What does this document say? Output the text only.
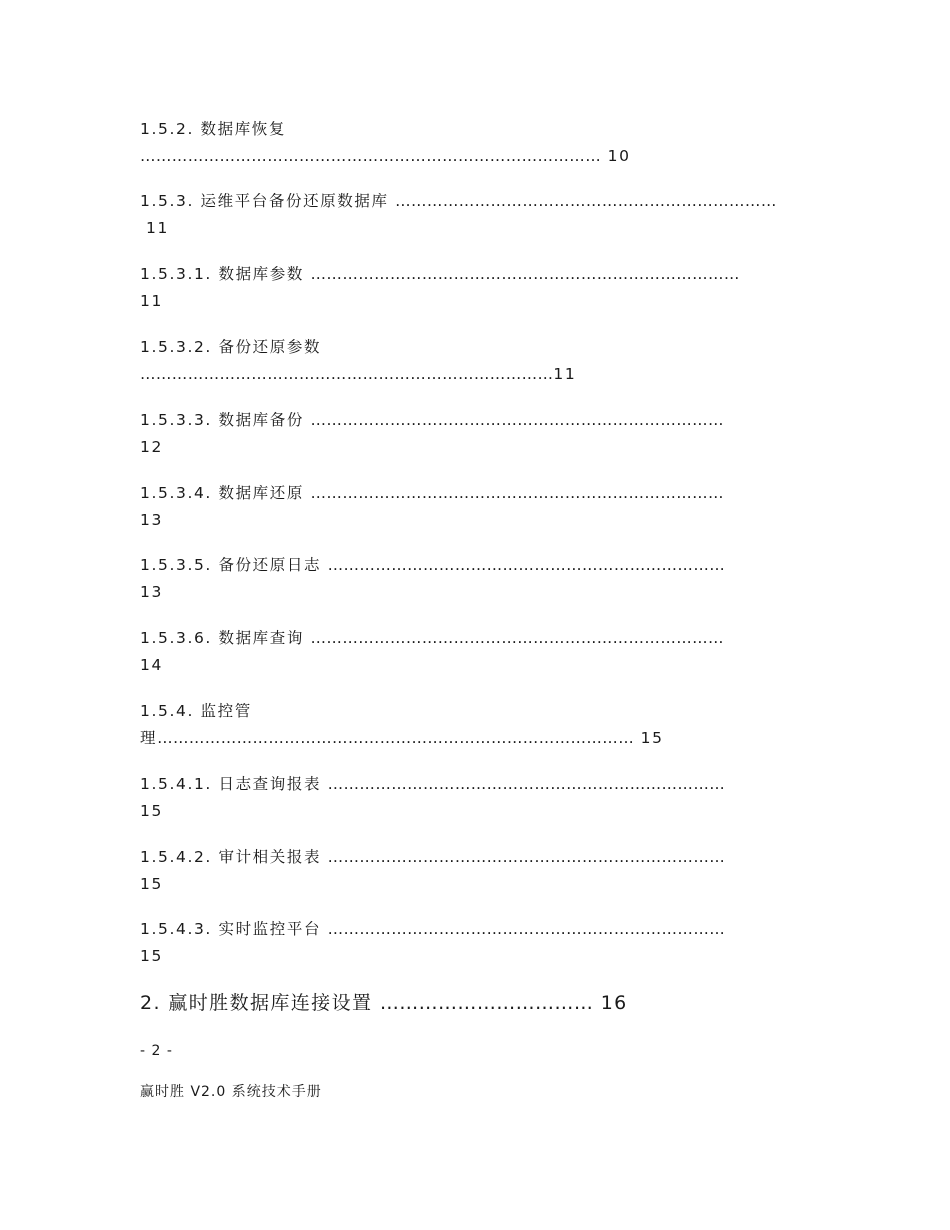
1.5.2. 数据库恢复
…………………………………………………………………………… 10
1.5.3. 运维平台备份还原数据库 ………………………………………………………………
11
1.5.3.1. 数据库参数 ………………………………………………………………………
11
1.5.3.2. 备份还原参数
……………………………………………………………………11
1.5.3.3. 数据库备份 ……………………………………………………………………
12
1.5.3.4. 数据库还原 ……………………………………………………………………
13
1.5.3.5. 备份还原日志 …………………………………………………………………
13
1.5.3.6. 数据库查询 ……………………………………………………………………
14
1.5.4. 监控管
理……………………………………………………………………………… 15
1.5.4.1. 日志查询报表 …………………………………………………………………
15
1.5.4.2. 审计相关报表 …………………………………………………………………
15
1.5.4.3. 实时监控平台 …………………………………………………………………
15
2. 赢时胜数据库连接设置 …………………………… 16
- 2 -
赢时胜 V2.0 系统技术手册
